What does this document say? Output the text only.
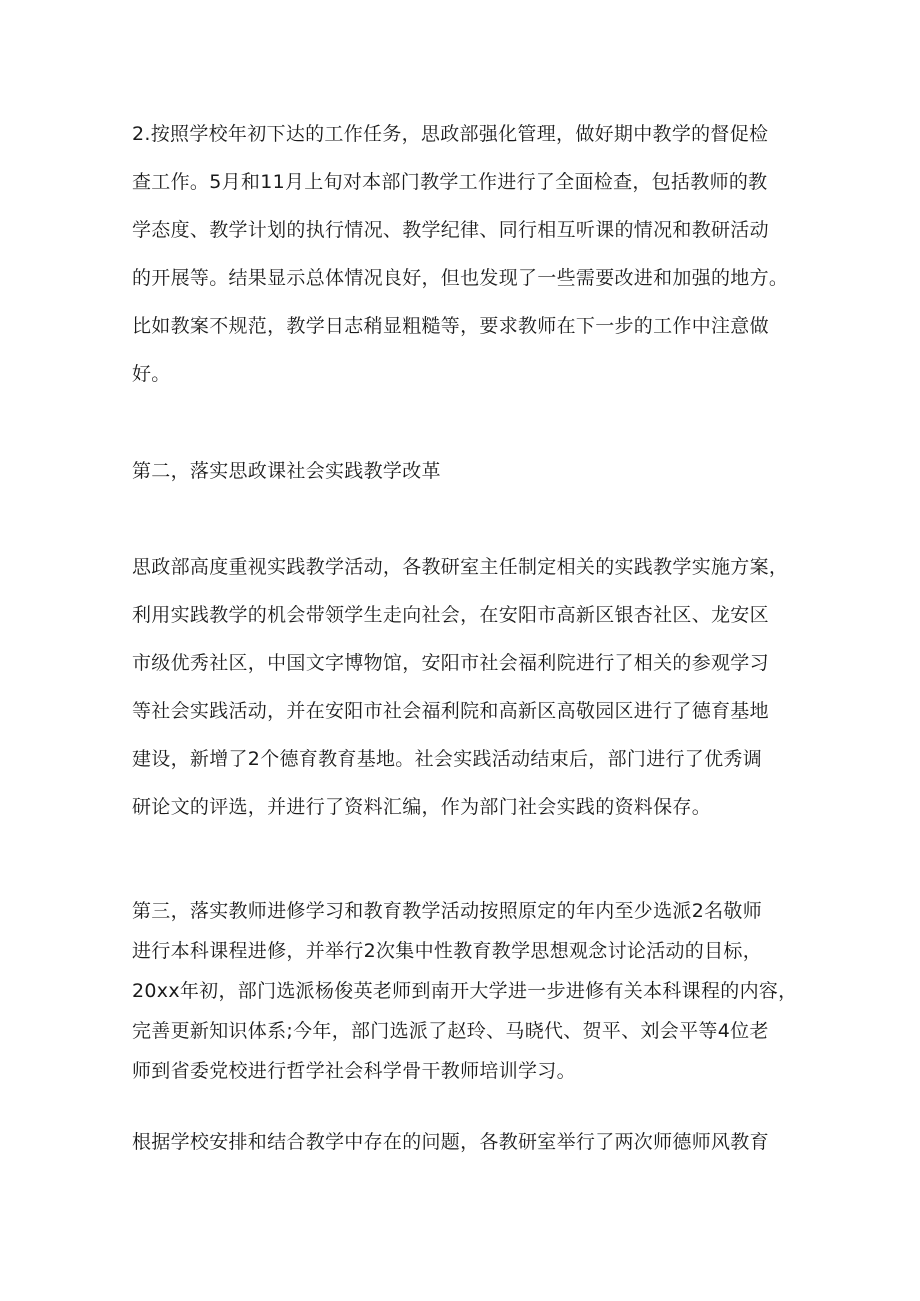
2.按照学校年初下达的工作任务，思政部强化管理，做好期中教学的督促检
查工作。5月和11月上旬对本部门教学工作进行了全面检查，包括教师的教
学态度、教学计划的执行情况、教学纪律、同行相互听课的情况和教研活动
的开展等。结果显示总体情况良好，但也发现了一些需要改进和加强的地方。
比如教案不规范，教学日志稍显粗糙等，要求教师在下一步的工作中注意做
好。
第二，落实思政课社会实践教学改革
思政部高度重视实践教学活动，各教研室主任制定相关的实践教学实施方案，
利用实践教学的机会带领学生走向社会，在安阳市高新区银杏社区、龙安区
市级优秀社区，中国文字博物馆，安阳市社会福利院进行了相关的参观学习
等社会实践活动，并在安阳市社会福利院和高新区高敬园区进行了德育基地
建设，新增了2个德育教育基地。社会实践活动结束后，部门进行了优秀调
研论文的评选，并进行了资料汇编，作为部门社会实践的资料保存。
第三，落实教师进修学习和教育教学活动按照原定的年内至少选派2名敬师
进行本科课程进修，并举行2次集中性教育教学思想观念讨论活动的目标，
20xx年初，部门选派杨俊英老师到南开大学进一步进修有关本科课程的内容，
完善更新知识体系;今年，部门选派了赵玲、马晓代、贺平、刘会平等4位老
师到省委党校进行哲学社会科学骨干教师培训学习。
根据学校安排和结合教学中存在的问题，各教研室举行了两次师德师风教育
